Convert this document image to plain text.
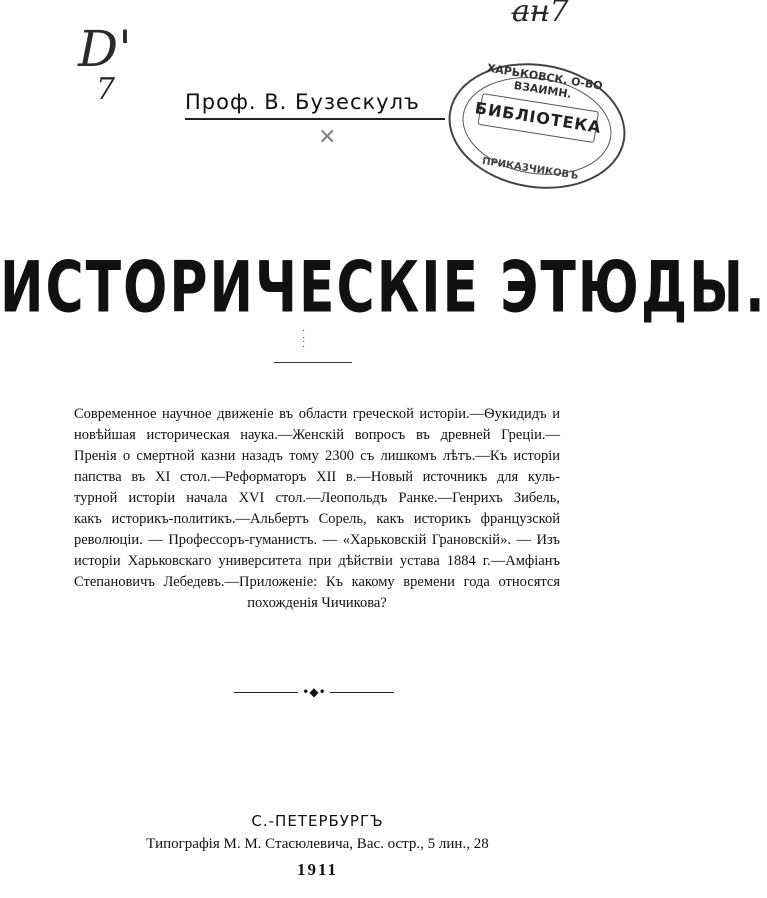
а̶н̶7
D'
7	Проф. В. Бузескулъ
ХАРЬКОВСК. О-ВО ВЗАИМН.
БИБЛІОТЕКА
ПРИКАЗЧИКОВЪ
×
ИСТОРИЧЕСКІЕ ЭТЮДЫ.
·
:
·
Современное научное движеніе въ области греческой исторіи.—Ѳукидидъ и
новѣйшая историческая наука.—Женскій вопросъ въ древней Греціи.—
Пренія о смертной казни назадъ тому 2300 съ лишкомъ лѣтъ.—Къ исторіи
папства въ XI стол.—Реформаторъ XII в.—Новый источникъ для куль-
турной исторіи начала XVI стол.—Леопольдъ Ранке.—Генрихъ Зибель,
какъ историкъ-политикъ.—Альбертъ Сорель, какъ историкъ французской
революціи. — Профессоръ-гуманистъ. — «Харьковскій Грановскій». — Изъ
исторіи Харьковскаго университета при дѣйствіи устава 1884 г.—Амфіанъ
Степановичъ Лебедевъ.—Приложеніе: Къ какому времени года относятся
похожденія Чичикова?
•◆•
С.-ПЕТЕРБУРГЪ
Типографія М. М. Стасюлевича, Вас. остр., 5 лин., 28
1911
